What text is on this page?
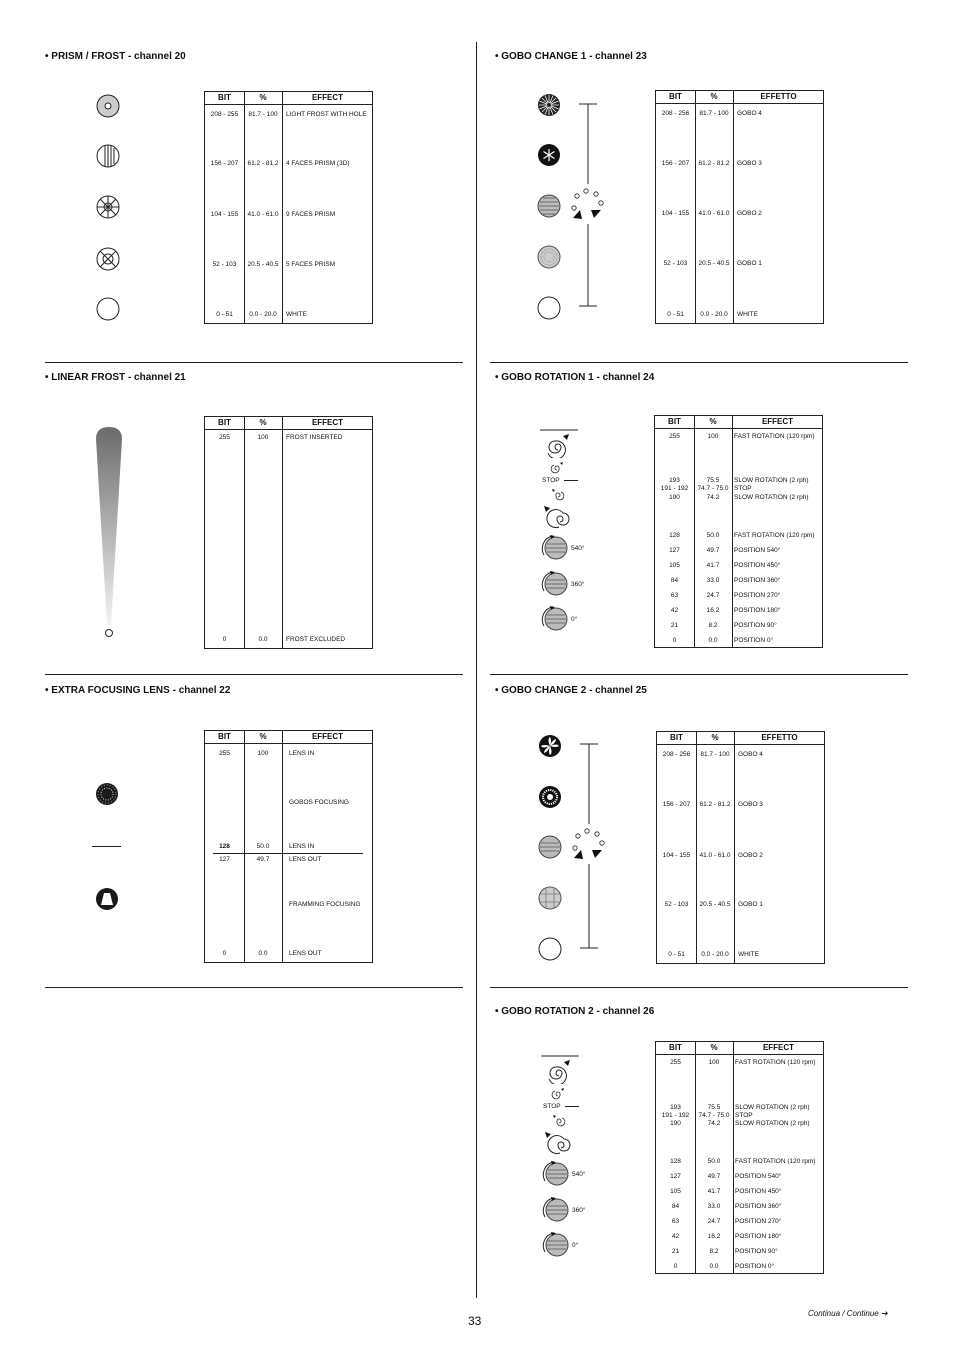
• PRISM / FROST - channel 20
• LINEAR FROST - channel 21
• EXTRA FOCUSING LENS - channel 22
• GOBO CHANGE 1 - channel 23
• GOBO ROTATION 1 - channel 24
• GOBO CHANGE 2 - channel 25
• GOBO ROTATION 2 - channel 26
BIT	%	EFFECT
208 - 255	81.7 - 100	LIGHT FROST WITH HOLE
156 - 207	61.2 - 81.2	4 FACES PRISM (3D)
104 - 155	41.0 - 61.0	9 FACES PRISM
52 - 103	20.5 - 40.5	5 FACES PRISM
0 - 51	0.0 - 20.0	WHITE
BIT	%	EFFECT
255	100	FROST INSERTED
0	0.0	FROST EXCLUDED
BIT	%	EFFECT
255	100	LENS IN
GOBOS FOCUSING
128	50.0	LENS IN
127	49.7	LENS OUT
FRAMMING FOCUSING
0	0.0	LENS OUT
BIT	%	EFFETTO
208 - 256	81.7 - 100	GOBO 4
156 - 207	61.2 - 81.2	GOBO 3
104 - 155	41.0 - 61.0	GOBO 2
52 - 103	20.5 - 40.5	GOBO 1
0 - 51	0.0 - 20.0	WHITE
BIT	%	EFFECT
255	100	FAST ROTATION (120 rpm)
193	75.5	SLOW ROTATION (2 rph)
191 - 192	74.7 - 75.0 STOP
190	74.2	SLOW ROTATION (2 rph)
128	50.0	FAST ROTATION (120 rpm)
127	49.7	POSITION 540°
105	41.7	POSITION 450°
84	33.0	POSITION 360°
63	24.7	POSITION 270°
42	16.2	POSITION 180°
21	8.2	POSITION 90°
0	0.0	POSITION 0°
STOP
540°
360°
0°
BIT	%	EFFETTO
208 - 256	81.7 - 100	GOBO 4
156 - 207	61.2 - 81.2	GOBO 3
104 - 155	41.0 - 61.0	GOBO 2
52 - 103	20.5 - 40.5	GOBO 1
0 - 51	0.0 - 20.0	WHITE
BIT	%	EFFECT
255	100	FAST ROTATION (120 rpm)
193	75.5	SLOW ROTATION (2 rph)
191 - 192	74.7 - 75.0 STOP
190	74.2	SLOW ROTATION (2 rph)
128	50.0	FAST ROTATION (120 rpm)
127	49.7	POSITION 540°
105	41.7	POSITION 450°
84	33.0	POSITION 360°
63	24.7	POSITION 270°
42	16.2	POSITION 180°
21	8.2	POSITION 90°
0	0.0	POSITION 0°
STOP
540°
360°
0°
33
Continua / Continue ➔
